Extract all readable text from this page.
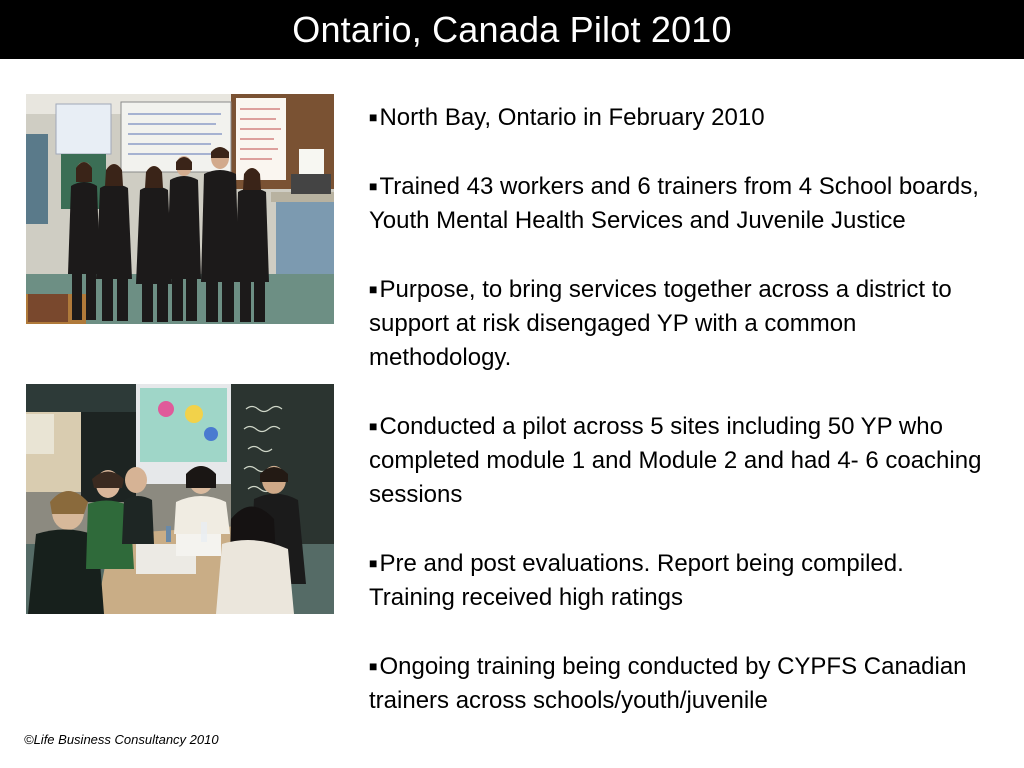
Ontario, Canada Pilot 2010
■North Bay, Ontario in February 2010
■Trained 43 workers and 6 trainers from 4 School boards, Youth Mental Health Services and Juvenile Justice
■Purpose, to bring services together across a district to support at risk disengaged YP with a common methodology.
■Conducted a pilot across 5 sites including 50 YP who completed module 1 and Module 2 and had 4- 6 coaching sessions
■Pre and post evaluations. Report being compiled. Training received high ratings
■Ongoing training being conducted by CYPFS Canadian trainers across schools/youth/juvenile
©Life Business Consultancy 2010
